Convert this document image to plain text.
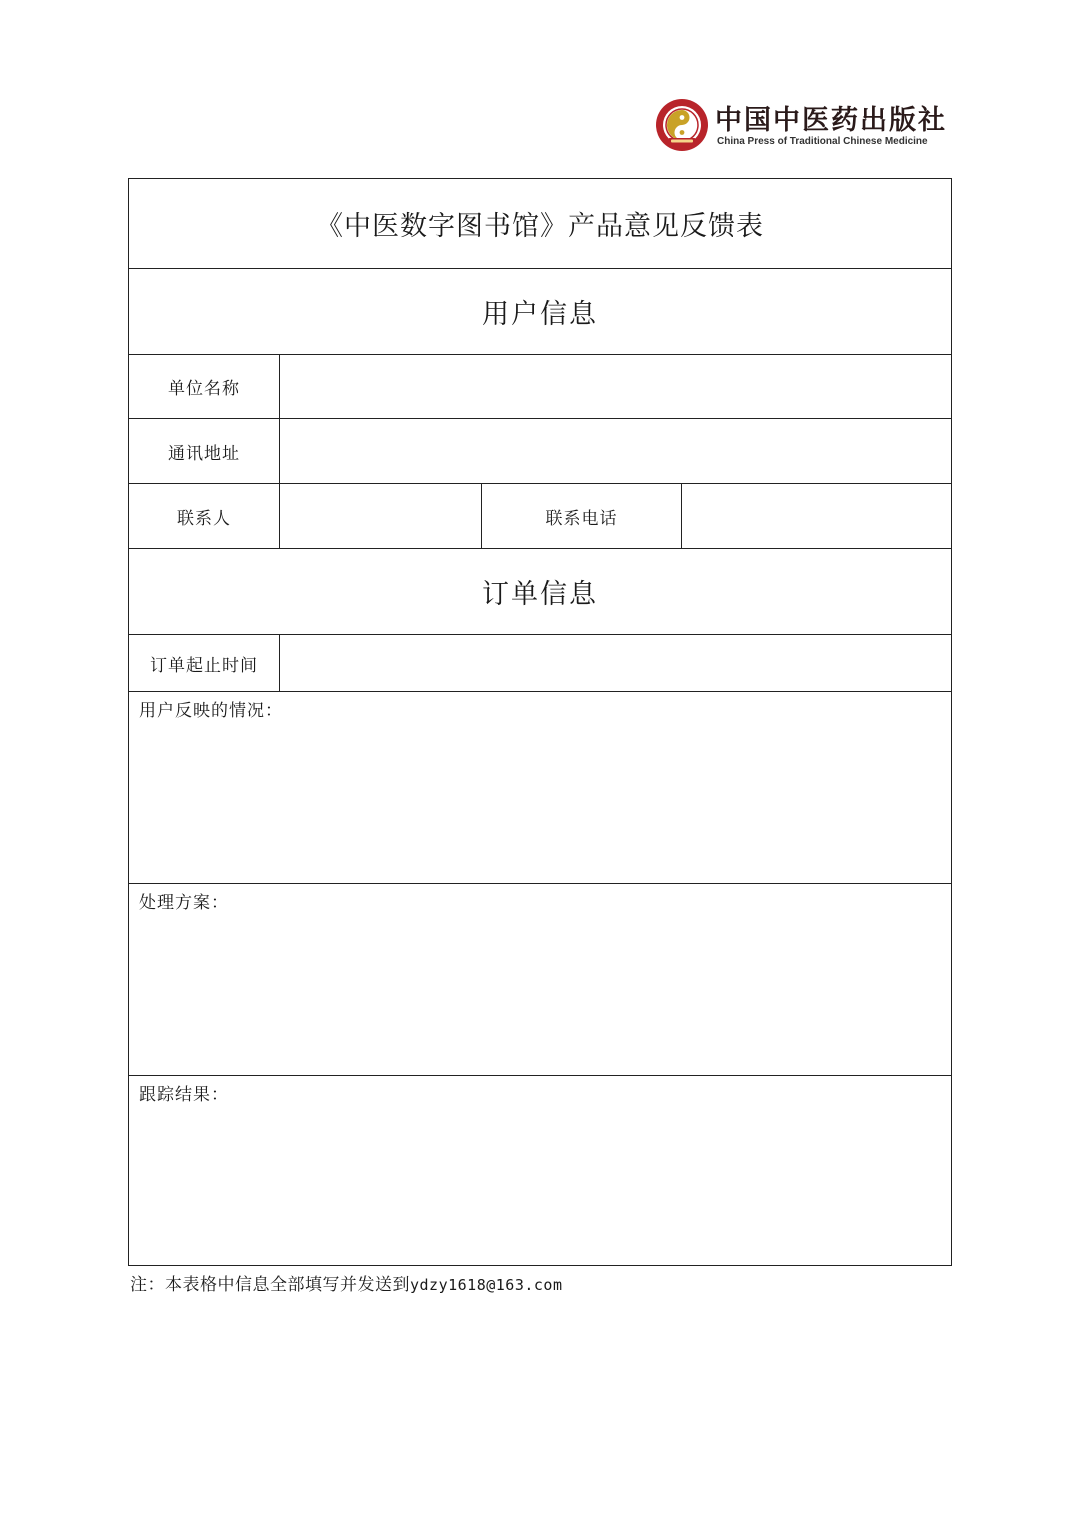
中国中医药出版社
China Press of Traditional Chinese Medicine
《中医数字图书馆》产品意见反馈表
用户信息
单位名称
通讯地址
联系人	联系电话
订单信息
订单起止时间
用户反映的情况：
处理方案：
跟踪结果：
注：本表格中信息全部填写并发送到ydzy1618@163.com
